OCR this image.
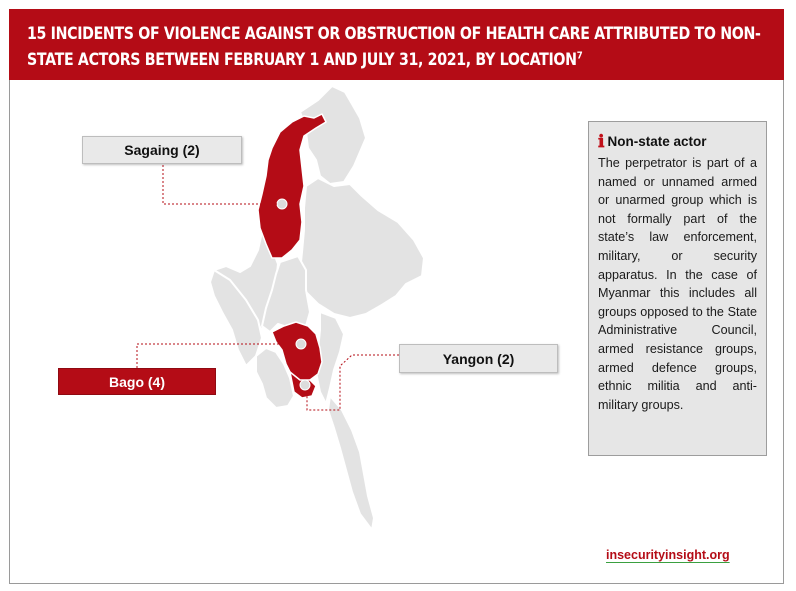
15 INCIDENTS OF VIOLENCE AGAINST OR OBSTRUCTION OF HEALTH CARE ATTRIBUTED TO NON-STATE ACTORS BETWEEN FEBRUARY 1 AND JULY 31, 2021, BY LOCATION$^7$
Sagaing (2)
Yangon (2)
Bago (4)
ℹ Non-state actor
The perpetrator is part of a named or unnamed armed or unarmed group which is not formally part of the state’s law enforcement, military, or security apparatus. In the case of Myanmar this includes all groups opposed to the State Administrative Council, armed resistance groups, armed defence groups, ethnic militia and anti-military groups.
insecurityinsight.org
